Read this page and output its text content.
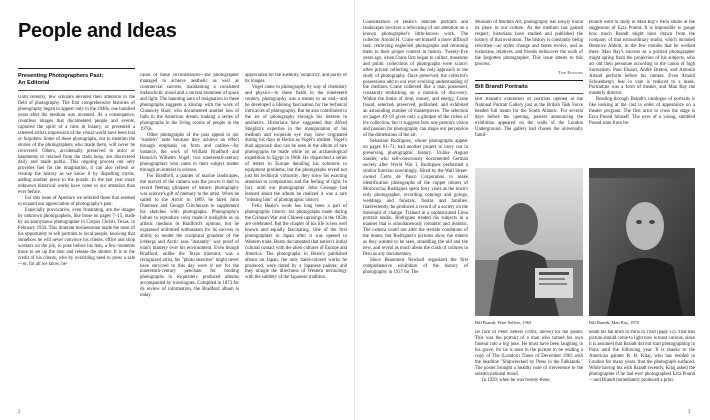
People and Ideas
Presenting Photographers Past:
An Editorial

Until recently, few scholars devoted their attention to the field of photography. The first comprehensive histories of photography began to appear only in the 1940s, one hundred years after the medium was invented. As a consequence, countless images that documented people and events, captured the spirit of a time in history, or presented a talented artist's impression of the visual world have been lost or forgotten. Some of these photographs, not to mention the stories of the photographers who made them, will never be recovered. Others, accidentally preserved in attics or basements or rescued from the trash heap, are discovered daily and made public. This ongoing process not only provides fuel for the imagination, it can also refresh or revamp the history as we know it by dispelling myths, adding another piece to the puzzle. In the last year more unknown historical works have come to our attention than ever before.

For this issue of Aperture we selected those that seemed to expand our appreciation of photography's past.

Especially provocative, even frustrating, are the images by unknown photographers, like those on pages 7–15, made by an anonymous photographer in Corpus Christi, Texas, in February 1934. This itinerant businessman made the most of his opportunity to sell portraits to local people, knowing that somehow he will never convince his clients, office and shop workers on the job, to pose before his lens, a few moments more to set up the shot and release the shutter. It is to the credit of his clients, who by overriding need to press a sale—or, for all we know, be-

cause of these circumstances—the photographer managed to achieve aesthetic as well as commercial success, maintaining a consistent melancholic mood and a surreal treatment of space and light. The haunting aura of resignation in these photographs suggests a kinship with the work of Chauncey Hare, who documented another loss of faith in the American dream, making a series of photographs in the living rooms of people in the 1970s.

Other photographs of the past appeal to our "modern" taste because they achieve an effect through emphasis on form and outline—for instance, the work of William Bradford and Heinrich Wilhelm Vogel, two nineteenth-century photographers who came to their subject matter through an interest in science.

For Bradford, a painter of marine landscapes, the marvel of the camera was the power it had to record fleeting glimpses of nature; photography was science's gift of memory to the artist. When he sailed to the Arctic in 1869, he hired John Dunmore and George Critcherson to supplement his sketches with photographs. Photography's failure to reproduce color made it ineligible as an artistic medium in Bradford's opinion, but he expressed unlimited enthusiasm for its success in ability to render the sculptural grandeur of the icebergs and Arctic seas "instantly" was proof of man's mastery over his environment. Even though Bradford, unlike the Texas itinerant, was a recognized artist, his "photo sketches" might never have survived to this day were it not for the nineteenth-century penchant for binding photographs in exquisitely produced albums accompanied by travelogues. Compiled in 1873 for its review of information, the Bradford album is today

appreciated for the austerity, simplicity, and purity of its images.

Vogel came to photography by way of chemistry and physics—in these fields in the nineteenth century, photography was a means to an end—and he developed a lifelong fascination for the technical intricacies of photography. But he also contributed to the art of photography through his interest in aesthetics. Historians have suggested that Alfred Stieglitz's expertise in the manipulation of his medium and exquisite eye may have originated during his days in Berlin as Vogel's student. Vogel's dual approach also can be seen in the album of rare photographs he made while on an archaeological expedition to Egypt in 1868. He dispatched a series of letters to Europe detailing his solutions to equipment problems, but the photographs reveal not just his technical virtuosity; they show his exacting attention to composition and the feeling of light. In fact, until our photographer John Gossage had learned about the album he realized it was a rare "missing link" of photographic history.

Felix Beato's work has long been a part of photographic history: his photographs made during the Crimean War and Chinese uprisings in the 1850s are celebrated. But the chapter of his life is less well known and equally fascinating. One of the first photographers in Japan after it was opened to Western trade, Beato documented that nation's initial cultural contact with the alien cultures of Europe and America. The photographs in Beato's published album on Japan, the only hand-colored works he produced, were tinted by a Japanese painter, and they mingle the directness of Western technology with the subtlety of the Japanese tradition.

2

Consideration of Beato's delicate portraits and landscapes involves a refocusing of our attention on a known photographer's little-known work. The collector Arnold H. Crane set himself a more difficult task: retrieving neglected photographs and returning them to their proper context in history. Twenty-five years ago, when Crane first began to collect, museums and public collections of photographs were scarce: often private collecting was the only approach to the study of photography. Once preserved, the collector's possessions add to our ever evolving understanding of the medium. Crane collected like a man possessed, constantly embarking on a mission of discovery. Within the limits of time, money, and energy, Crane found, selected, preserved, published, and exhibited an astounding number of masterpieces. The selection on pages 49–59 gives only a glimpse of the riches of his collection, but it suggests how one person's vision and passion for photography can shape our perception of the dimensions of the art.

Sebastian Rodriguez, whose photographs appear on pages 61–71, had another project to carry out in preserving photographic history. Unlike August Sander, who self-consciously documented German society after World War I, Rodriguez performed a similar function unwittingly. Hired by the Wall Street-owned Cerro de Pasco Corporation to make identification photographs of the copper miners of Morococha, Rodriguez spent forty years as the town's only photographer, recording comings and goings, weddings and funerals, fiestas and families. Inadvertently, he produced a record of a society on the threshold of change. Trained in a sophisticated Lima portrait studio, Rodriguez treated his subjects in a manner that is simultaneously romantic and realistic. The camera could not alter the terrible conditions of the mines, but Rodriguez's pictures show the miners as they wanted to be seen, straddling the old and the new, and reveal as much about the clash of cultures in Peru as any documentary.

Since Beaumont Newhall organized the first comprehensive exhibition of the history of photography in 1937 for The

Museum of Modern Art, photography has slowly found its place in our culture. As the medium has gained respect, historians have studied and published the history of that evolution. The history is constantly being rewritten—as styles change and tastes evolve, and as historians, relatives, and friends rediscover the work of the forgotten photographer. This issue attests to this process.

The Editors

Bill Brandt Portraits

Bill Brandt's exhibition of portraits opened at the National Portrait Gallery just as the British Task Force headed full steam for the South Atlantic. For several days before the opening, posters announcing the exhibition appeared on the walls of the London Underground. The gallery had chosen the universally famil-

Bill Brandt, Peter Sellers, 1963

iar face of Peter Sellers (1963; above) for the poster. This was the portrait of a man who turned his own funeral into a big joke. He must have been laughing in his grave, for he is seen in the picture to be reading a copy of The (London) Times of December 1963 with the headline "Shipwrecked by Press in the Falklands." The poster brought a healthy note of irreverence to the solemn national mood.

In 1929, when he was twenty-three,

Brandt went to study in Man Ray's Paris studio at the suggestion of Ezra Pound. It is impossible to gauge how much Brandt might have drawn from the company of that extraordinary studio, which included Berenice Abbott, in the few months that he worked there. Man Ray's success as a portrait photographer might spring from the projection of his subjects, who act out their personae according to the canon of high Surrealism. Paul Eluard, André Breton, and Antonin Artaud perform before his camera. Even Arnold Schoenberg's fear in vain is reduced to a mask. Portraiture was a form of theater, and Man Ray the masterly director.

Reading through Brandt's catalogue of portraits is like looking at the cast in order of appearance on a theater program. The first actor to cross the stage is Ezra Pound himself. The eyes of a young, stubbled Pound stare from be-

Bill Brandt, Man Ray, 1970

neath his hat brim in Paris in 1928 (page 12). That this picture should come to light now is most curious, since it is assumed that Brandt did not start photographing in Paris until the following year. It is thanks to the American painter R. B. Kitaj, who has resided in London for many years, that the photograph surfaced. While having tea with Brandt recently, Kitaj asked the photographer if he had ever photographed Ezra Pound—and Brandt immediately produced a print.

3
